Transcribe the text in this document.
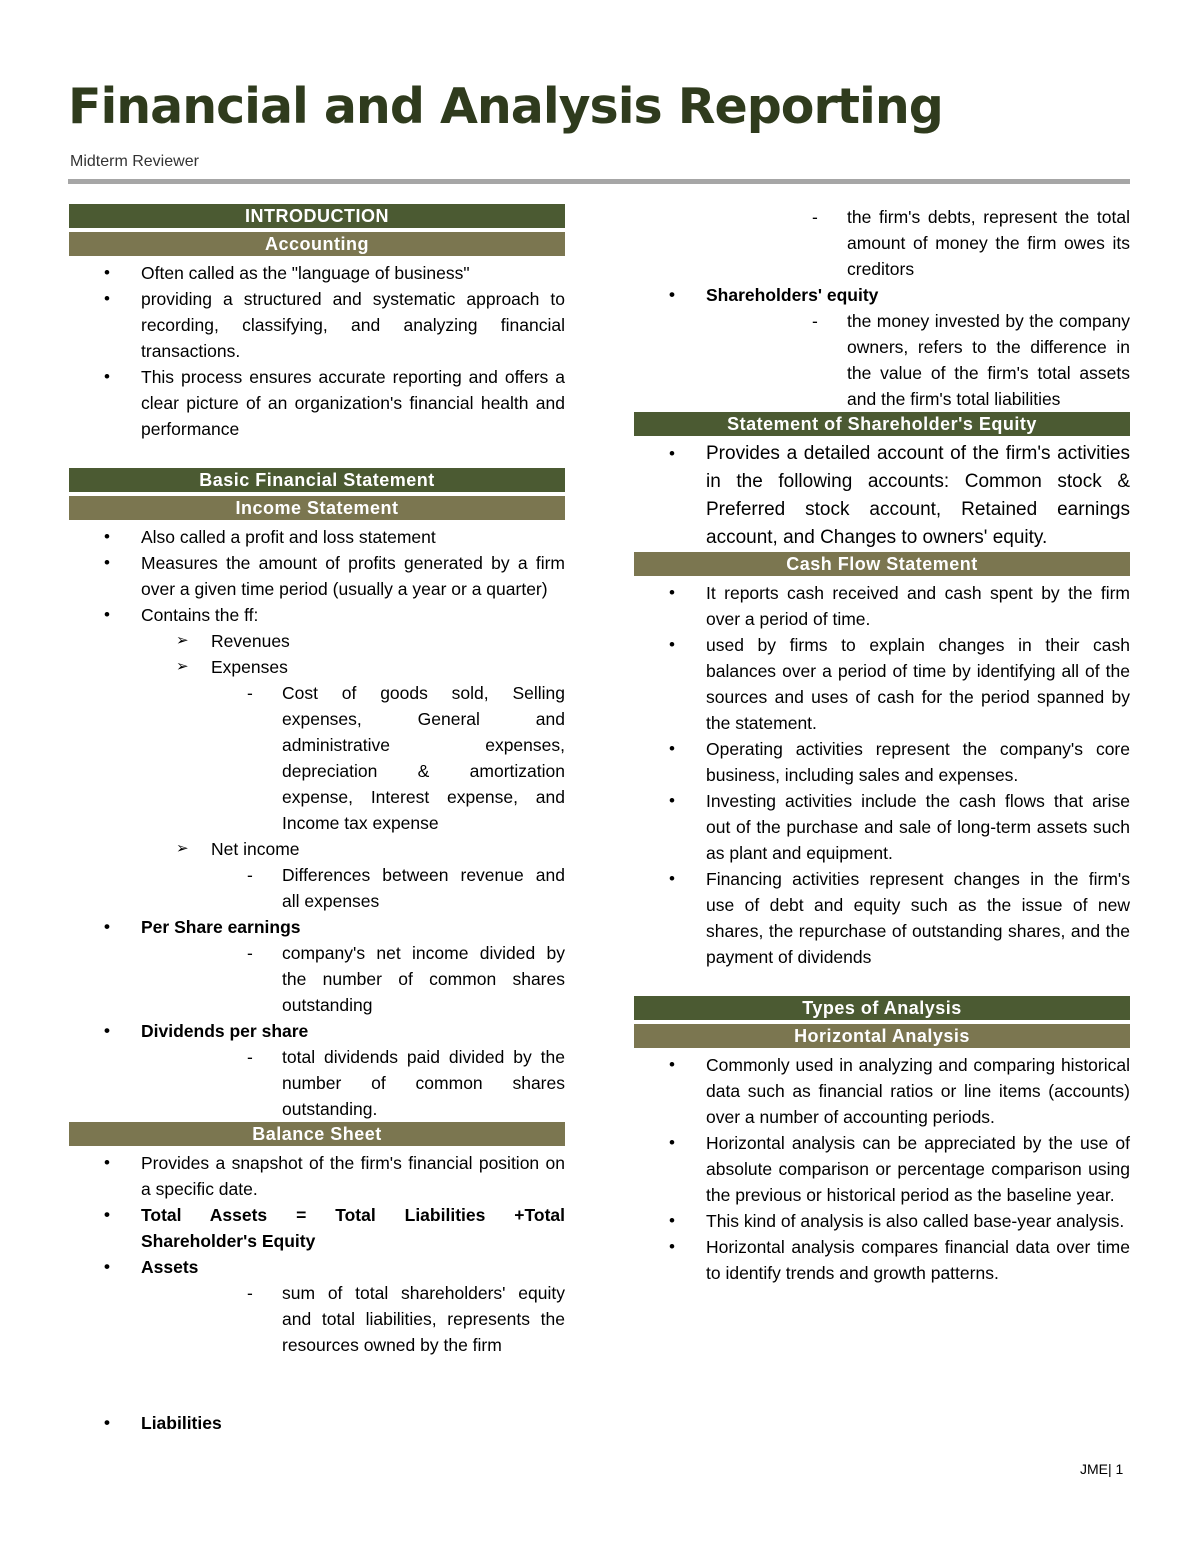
Financial and Analysis Reporting
Midterm Reviewer
INTRODUCTION
Accounting
• Often called as the "language of business"
• providing a structured and systematic approach to recording, classifying, and analyzing financial transactions.
• This process ensures accurate reporting and offers a clear picture of an organization's financial health and performance
Basic Financial Statement
Income Statement
• Also called a profit and loss statement
• Measures the amount of profits generated by a firm over a given time period (usually a year or a quarter)
• Contains the ff:
➢ Revenues
➢ Expenses
- Cost of goods sold, Selling expenses, General and administrative expenses, depreciation & amortization expense, Interest expense, and Income tax expense
➢ Net income
- Differences between revenue and all expenses
• Per Share earnings
- company's net income divided by the number of common shares outstanding
• Dividends per share
- total dividends paid divided by the number of common shares outstanding.
Balance Sheet
• Provides a snapshot of the firm's financial position on a specific date.
• Total Assets = Total Liabilities +Total Shareholder's Equity
• Assets
- sum of total shareholders' equity and total liabilities, represents the resources owned by the firm
• Liabilities
- the firm's debts, represent the total amount of money the firm owes its creditors
• Shareholders' equity
- the money invested by the company owners, refers to the difference in the value of the firm's total assets and the firm's total liabilities
Statement of Shareholder's Equity
• Provides a detailed account of the firm's activities in the following accounts: Common stock & Preferred stock account, Retained earnings account, and Changes to owners' equity.
Cash Flow Statement
• It reports cash received and cash spent by the firm over a period of time.
• used by firms to explain changes in their cash balances over a period of time by identifying all of the sources and uses of cash for the period spanned by the statement.
• Operating activities represent the company's core business, including sales and expenses.
• Investing activities include the cash flows that arise out of the purchase and sale of long-term assets such as plant and equipment.
• Financing activities represent changes in the firm's use of debt and equity such as the issue of new shares, the repurchase of outstanding shares, and the payment of dividends
Types of Analysis
Horizontal Analysis
• Commonly used in analyzing and comparing historical data such as financial ratios or line items (accounts) over a number of accounting periods.
• Horizontal analysis can be appreciated by the use of absolute comparison or percentage comparison using the previous or historical period as the baseline year.
• This kind of analysis is also called base-year analysis.
• Horizontal analysis compares financial data over time to identify trends and growth patterns.
JME| 1
